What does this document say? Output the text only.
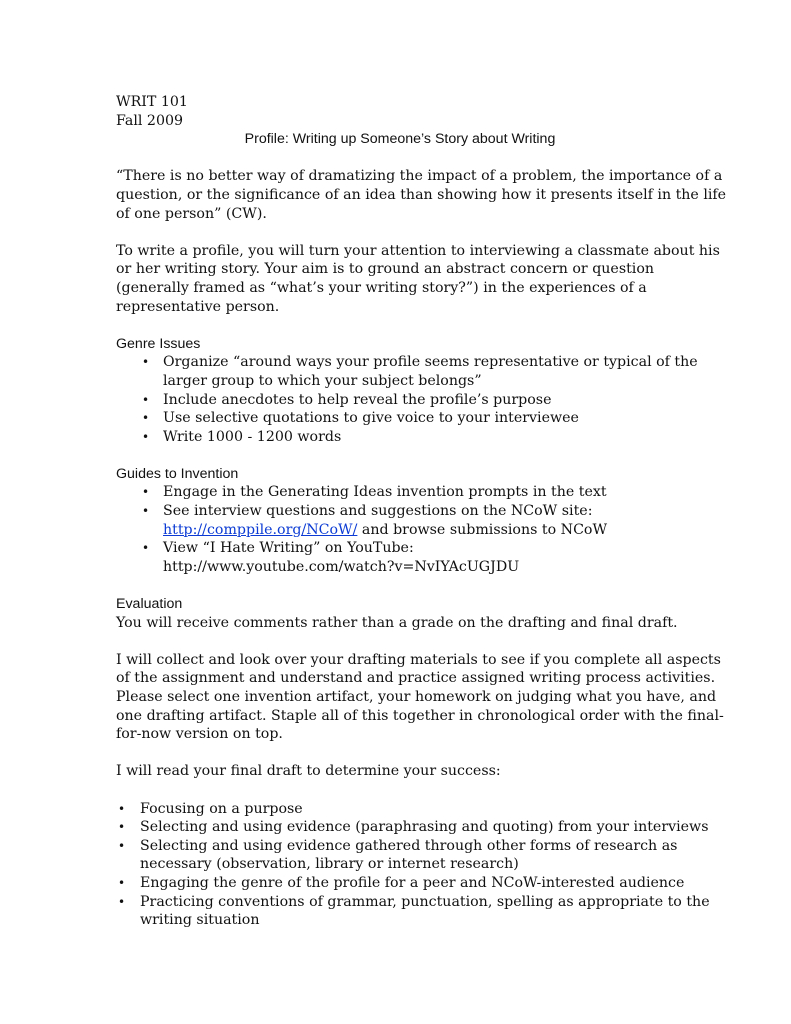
WRIT 101
Fall 2009
Profile: Writing up Someone’s Story about Writing
“There is no better way of dramatizing the impact of a problem, the importance of a
question, or the significance of an idea than showing how it presents itself in the life
of one person” (CW).
To write a profile, you will turn your attention to interviewing a classmate about his
or her writing story. Your aim is to ground an abstract concern or question
(generally framed as “what’s your writing story?”) in the experiences of a
representative person.
Genre Issues
• Organize “around ways your profile seems representative or typical of the
larger group to which your subject belongs”
• Include anecdotes to help reveal the profile’s purpose
• Use selective quotations to give voice to your interviewee
• Write 1000 - 1200 words
Guides to Invention
• Engage in the Generating Ideas invention prompts in the text
• See interview questions and suggestions on the NCoW site:
http://comppile.org/NCoW/ and browse submissions to NCoW
• View “I Hate Writing” on YouTube:
http://www.youtube.com/watch?v=NvIYAcUGJDU
Evaluation
You will receive comments rather than a grade on the drafting and final draft.
I will collect and look over your drafting materials to see if you complete all aspects
of the assignment and understand and practice assigned writing process activities.
Please select one invention artifact, your homework on judging what you have, and
one drafting artifact. Staple all of this together in chronological order with the final-
for-now version on top.
I will read your final draft to determine your success:
• Focusing on a purpose
• Selecting and using evidence (paraphrasing and quoting) from your interviews
• Selecting and using evidence gathered through other forms of research as
necessary (observation, library or internet research)
• Engaging the genre of the profile for a peer and NCoW-interested audience
• Practicing conventions of grammar, punctuation, spelling as appropriate to the
writing situation
